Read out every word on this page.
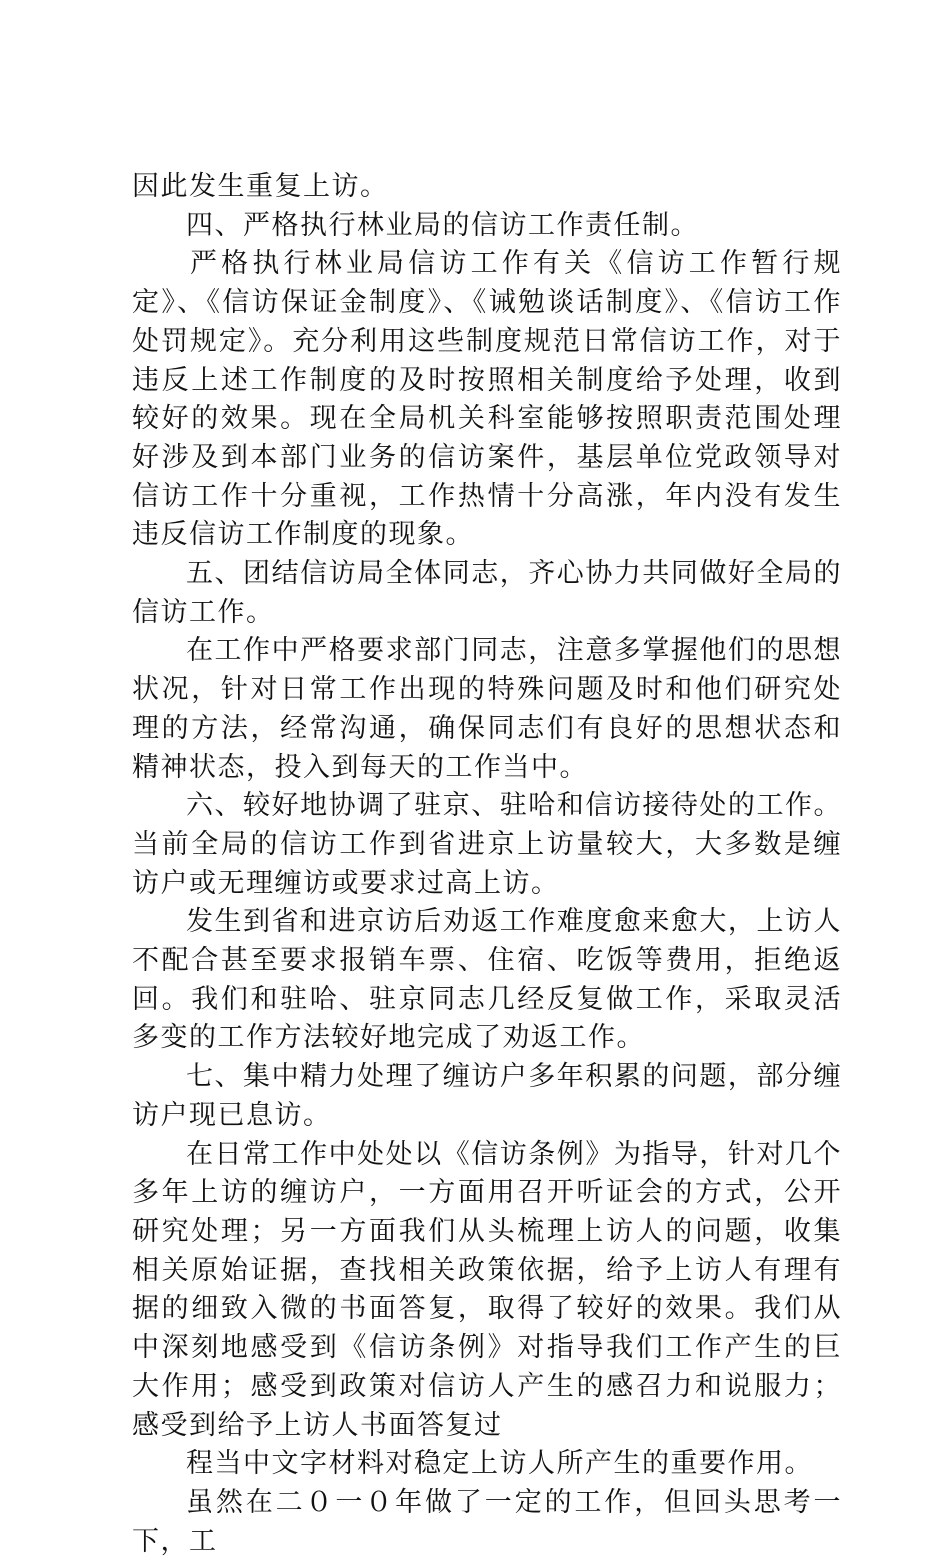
因此发生重复上访。

四、严格执行林业局的信访工作责任制。

严格执行林业局信访工作有关《信访工作暂行规定》、《信访保证金制度》、《诫勉谈话制度》、《信访工作处罚规定》。充分利用这些制度规范日常信访工作，对于违反上述工作制度的及时按照相关制度给予处理，收到较好的效果。现在全局机关科室能够按照职责范围处理好涉及到本部门业务的信访案件，基层单位党政领导对信访工作十分重视，工作热情十分高涨，年内没有发生违反信访工作制度的现象。

五、团结信访局全体同志，齐心协力共同做好全局的信访工作。

在工作中严格要求部门同志，注意多掌握他们的思想状况，针对日常工作出现的特殊问题及时和他们研究处理的方法，经常沟通，确保同志们有良好的思想状态和精神状态，投入到每天的工作当中。

六、较好地协调了驻京、驻哈和信访接待处的工作。当前全局的信访工作到省进京上访量较大，大多数是缠访户或无理缠访或要求过高上访。

发生到省和进京访后劝返工作难度愈来愈大，上访人不配合甚至要求报销车票、住宿、吃饭等费用，拒绝返回。我们和驻哈、驻京同志几经反复做工作，采取灵活多变的工作方法较好地完成了劝返工作。

七、集中精力处理了缠访户多年积累的问题，部分缠访户现已息访。

在日常工作中处处以《信访条例》为指导，针对几个多年上访的缠访户，一方面用召开听证会的方式，公开研究处理；另一方面我们从头梳理上访人的问题，收集相关原始证据，查找相关政策依据，给予上访人有理有据的细致入微的书面答复，取得了较好的效果。我们从中深刻地感受到《信访条例》对指导我们工作产生的巨大作用；感受到政策对信访人产生的感召力和说服力；感受到给予上访人书面答复过

程当中文字材料对稳定上访人所产生的重要作用。

虽然在二０一０年做了一定的工作，但回头思考一下，工
